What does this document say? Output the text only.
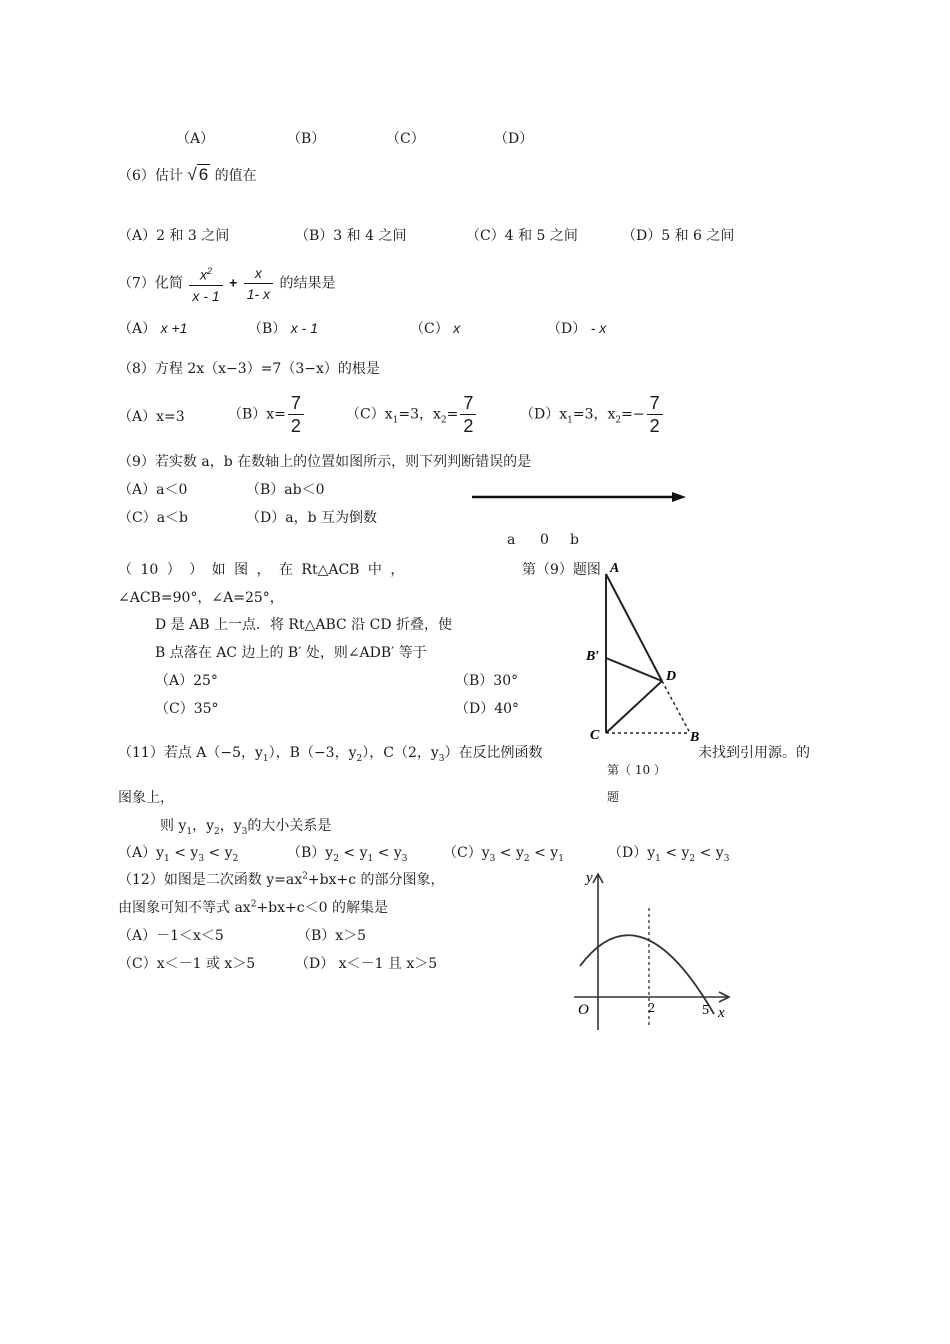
（A）	（B）	（C）	（D）
（6）估计 √ 6 的值在
（A）2 和 3 之间	（B）3 和 4 之间	（C）4 和 5 之间	（D）5 和 6 之间
（7）化简 $\frac{x^2}{x - 1} + \frac{x}{1- x}$ 的结果是
（A） x +1	（B） x - 1	（C） x	（D） - x
（8）方程 2x（x−3）=7（3−x）的根是
（A）x=3	$(B)x= \frac{7}{2}$	$(C)x_1=3$，$x_2= \frac{7}{2}$	$(D)x_1=3$，$x_2=- \frac{7}{2}$
（9）若实数 a，b 在数轴上的位置如图所示，则下列判断错误的是
（A）a＜0	（B）ab＜0
（C）a＜b	（D）a，b 互为倒数
a 0 b
第（9）题图
（ 10 ） ） 如 图 ， 在 Rt△ACB 中 ，
∠ACB=90°，∠A=25°，
D 是 AB 上一点．将 Rt△ABC 沿 CD 折叠，使
B 点落在 AC 边上的 B′ 处，则∠ADB′ 等于
（A）25°	（B）30°
（C）35°	（D）40°
A
B′
D
C	B
第（ 10 ）
题
（11）若点 A（−5，$y_1$），B（−3，$y_2$），C（2，$y_3$）在反比例函数	未找到引用源。的
图象上，
则 $y_1$，$y_2$，$y_3$的大小关系是
$(A)y_1 < y_3 < y_2$	$(B)y_2 < y_1 < y_3$	$(C)y_3 < y_2 < y_1$	$(D)y_1 < y_2 < y_3$
（12）如图是二次函数 $y=ax^2+bx+c$ 的部分图象，
由图象可知不等式 $ax^2+bx+c<0$ 的解集是
（A）－1＜x＜5	（B）x＞5
（C）x＜－1 或 x＞5	（D） x＜－1 且 x＞5
y
O	2	5 x
